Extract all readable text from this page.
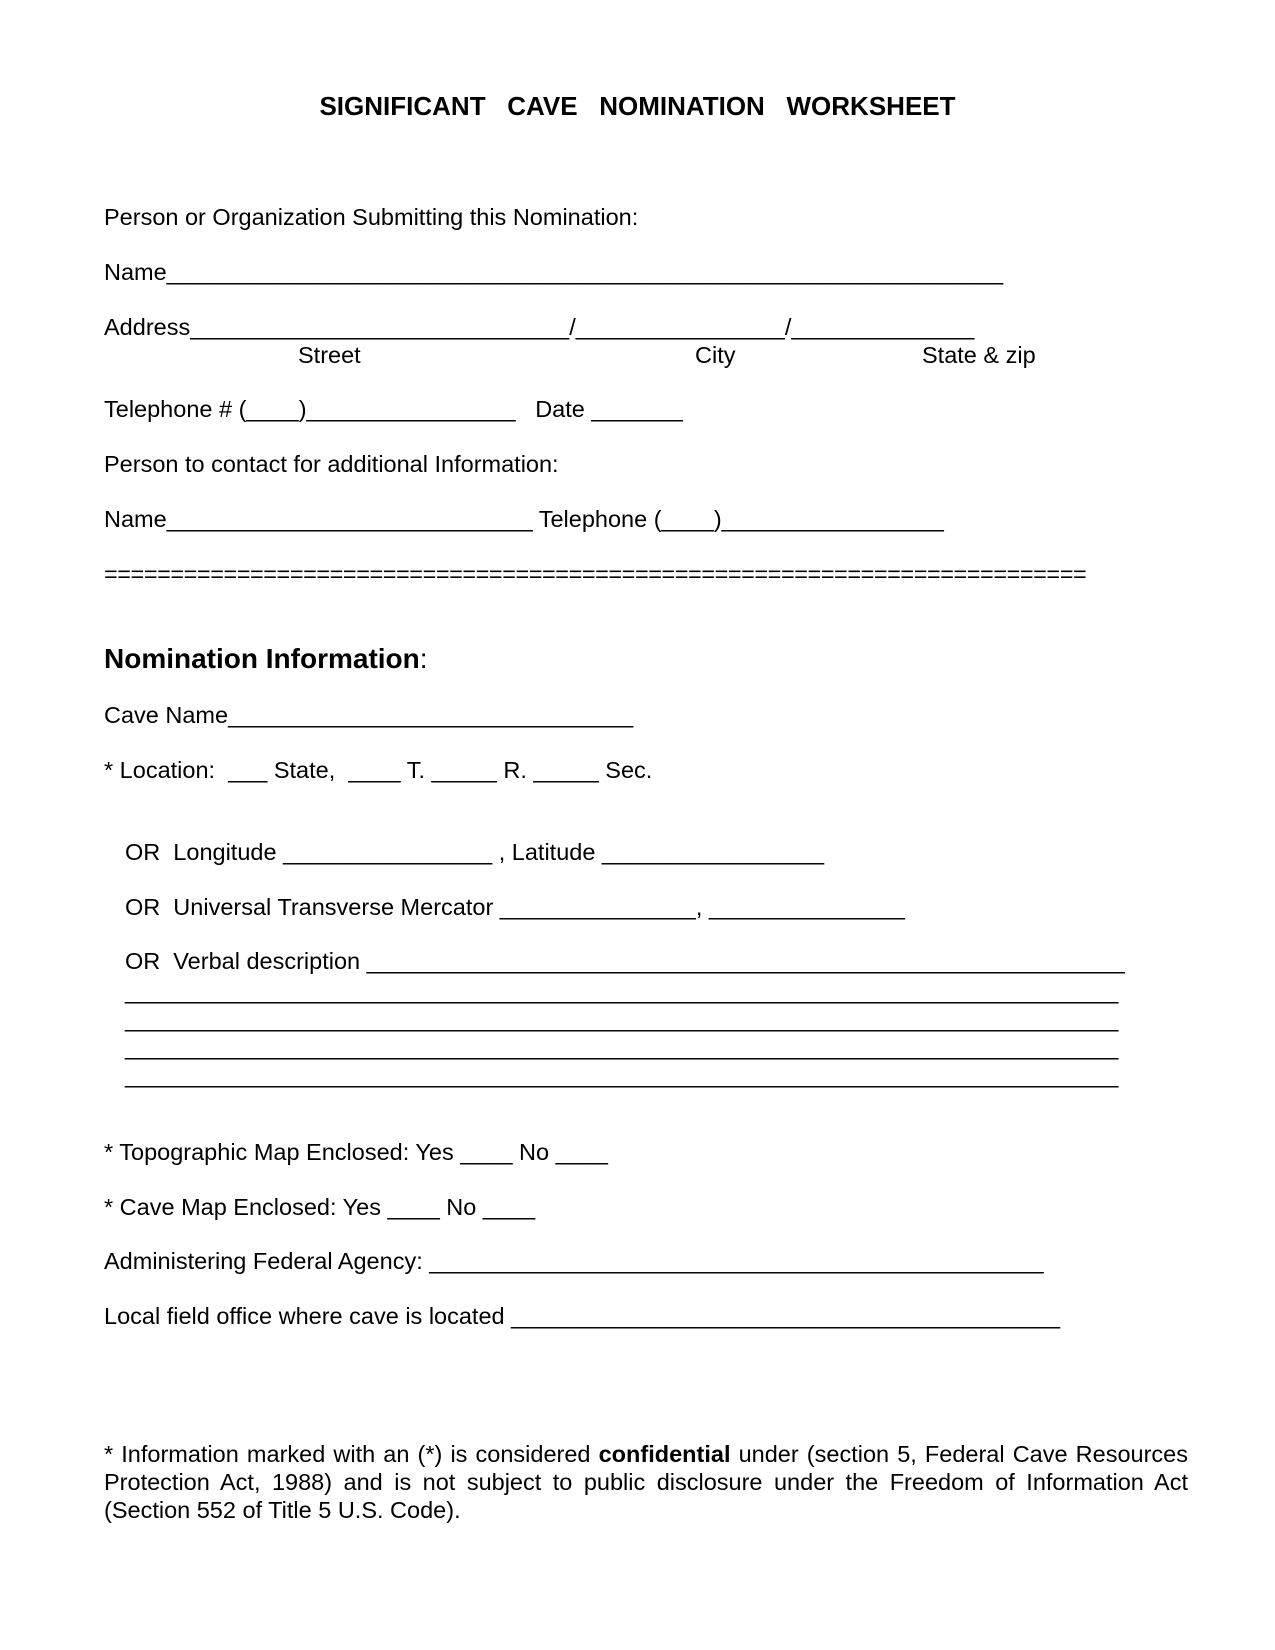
SIGNIFICANT   CAVE   NOMINATION   WORKSHEET
Person or Organization Submitting this Nomination:
Name________________________________________________________________
Address_____________________________/________________/______________
Street	City	State & zip
Telephone # (____)________________   Date _______
Person to contact for additional Information:
Name____________________________ Telephone (____)_________________
==========================================================================
Nomination Information:
Cave Name_______________________________
* Location:  ___ State,  ____ T. _____ R. _____ Sec.
OR  Longitude ________________ , Latitude _________________
OR  Universal Transverse Mercator _______________, _______________
OR  Verbal description __________________________________________________________
____________________________________________________________________________
____________________________________________________________________________
____________________________________________________________________________
____________________________________________________________________________
* Topographic Map Enclosed: Yes ____ No ____
* Cave Map Enclosed: Yes ____ No ____
Administering Federal Agency: _______________________________________________
Local field office where cave is located __________________________________________
* Information marked with an (*) is considered confidential under (section 5, Federal Cave Resources Protection Act, 1988) and is not subject to public disclosure under the Freedom of Information Act (Section 552 of Title 5 U.S. Code).
